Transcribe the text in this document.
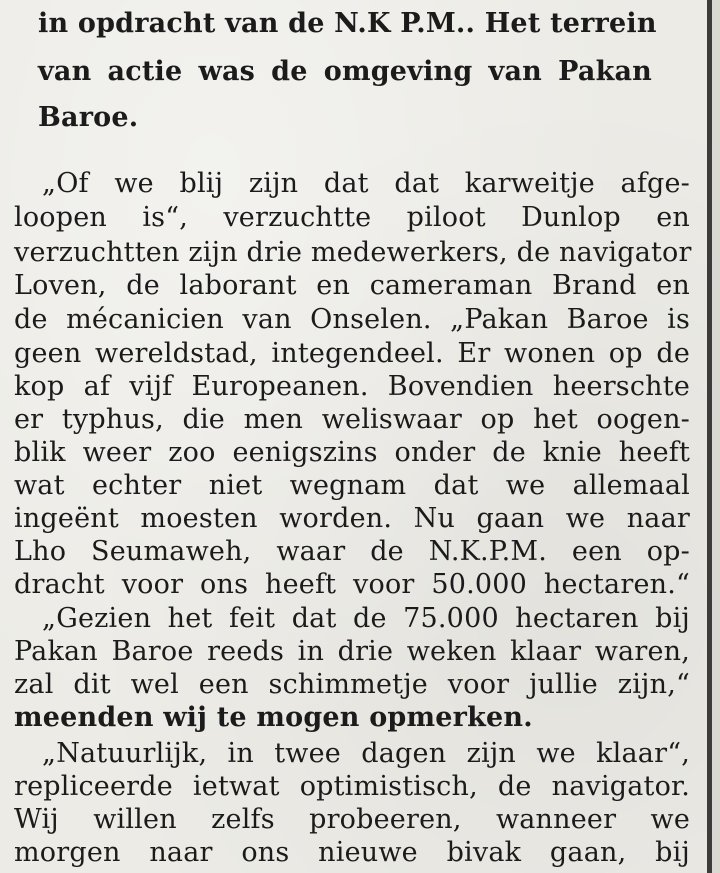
in opdracht van de N.K P.M.. Het terrein
van actie was de omgeving van Pakan
Baroe.
„Of we blij zijn dat dat karweitje afge-
loopen is“, verzuchtte piloot Dunlop en
verzuchtten zijn drie medewerkers, de navigator
Loven, de laborant en cameraman Brand en
de mécanicien van Onselen. „Pakan Baroe is
geen wereldstad, integendeel. Er wonen op de
kop af vijf Europeanen. Bovendien heerschte
er typhus, die men weliswaar op het oogen-
blik weer zoo eenigszins onder de knie heeft
wat echter niet wegnam dat we allemaal
ingeënt moesten worden. Nu gaan we naar
Lho Seumaweh, waar de N.K.P.M. een op-
dracht voor ons heeft voor 50.000 hectaren.“
„Gezien het feit dat de 75.000 hectaren bij
Pakan Baroe reeds in drie weken klaar waren,
zal dit wel een schimmetje voor jullie zijn,“
meenden wij te mogen opmerken.
„Natuurlijk, in twee dagen zijn we klaar“,
repliceerde ietwat optimistisch, de navigator.
Wij willen zelfs probeeren, wanneer we
morgen naar ons nieuwe bivak gaan, bij
